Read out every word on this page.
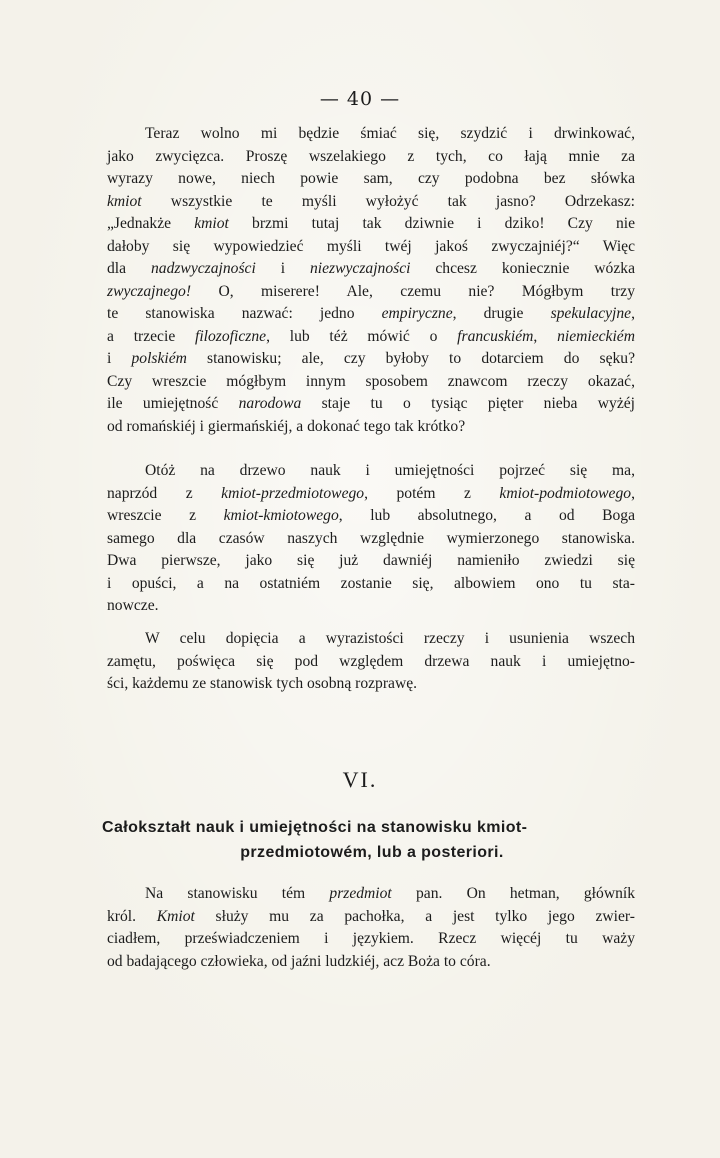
— 40 —
Teraz wolno mi będzie śmiać się, szydzić i drwinkować,
jako zwycięzca. Proszę wszelakiego z tych, co łają mnie za
wyrazy nowe, niech powie sam, czy podobna bez słówka
kmiot wszystkie te myśli wyłożyć tak jasno? Odrzekasz:
„Jednakże kmiot brzmi tutaj tak dziwnie i dziko! Czy nie
dałoby się wypowiedzieć myśli twéj jakoś zwyczajniéj?“ Więc
dla nadzwyczajności i niezwyczajności chcesz koniecznie wózka
zwyczajnego! O, miserere! Ale, czemu nie? Mógłbym trzy
te stanowiska nazwać: jedno empiryczne, drugie spekulacyjne,
a trzecie filozoficzne, lub téż mówić o francuskiém, niemieckiém
i polskiém stanowisku; ale, czy byłoby to dotarciem do sęku?
Czy wreszcie mógłbym innym sposobem znawcom rzeczy okazać,
ile umiejętność narodowa staje tu o tysiąc pięter nieba wyżéj
od romańskiéj i giermańskiéj, a dokonać tego tak krótko?
Otóż na drzewo nauk i umiejętności pojrzeć się ma,
naprzód z kmiot-przedmiotowego, potém z kmiot-podmiotowego,
wreszcie z kmiot-kmiotowego, lub absolutnego, a od Boga
samego dla czasów naszych względnie wymierzonego stanowiska.
Dwa pierwsze, jako się już dawniéj namieniło zwiedzi się
i opuści, a na ostatniém zostanie się, albowiem ono tu sta-
nowcze.
W celu dopięcia a wyrazistości rzeczy i usunienia wszech
zamętu, poświęca się pod względem drzewa nauk i umiejętno-
ści, każdemu ze stanowisk tych osobną rozprawę.
VI.
Całokształt nauk i umiejętności na stanowisku kmiot-
przedmiotowém, lub a posteriori.
Na stanowisku tém przedmiot pan. On hetman, główník
król. Kmiot służy mu za pachołka, a jest tylko jego zwier-
ciadłem, przeświadczeniem i językiem. Rzecz więcéj tu waży
od badającego człowieka, od jaźni ludzkiéj, acz Boża to córa.
